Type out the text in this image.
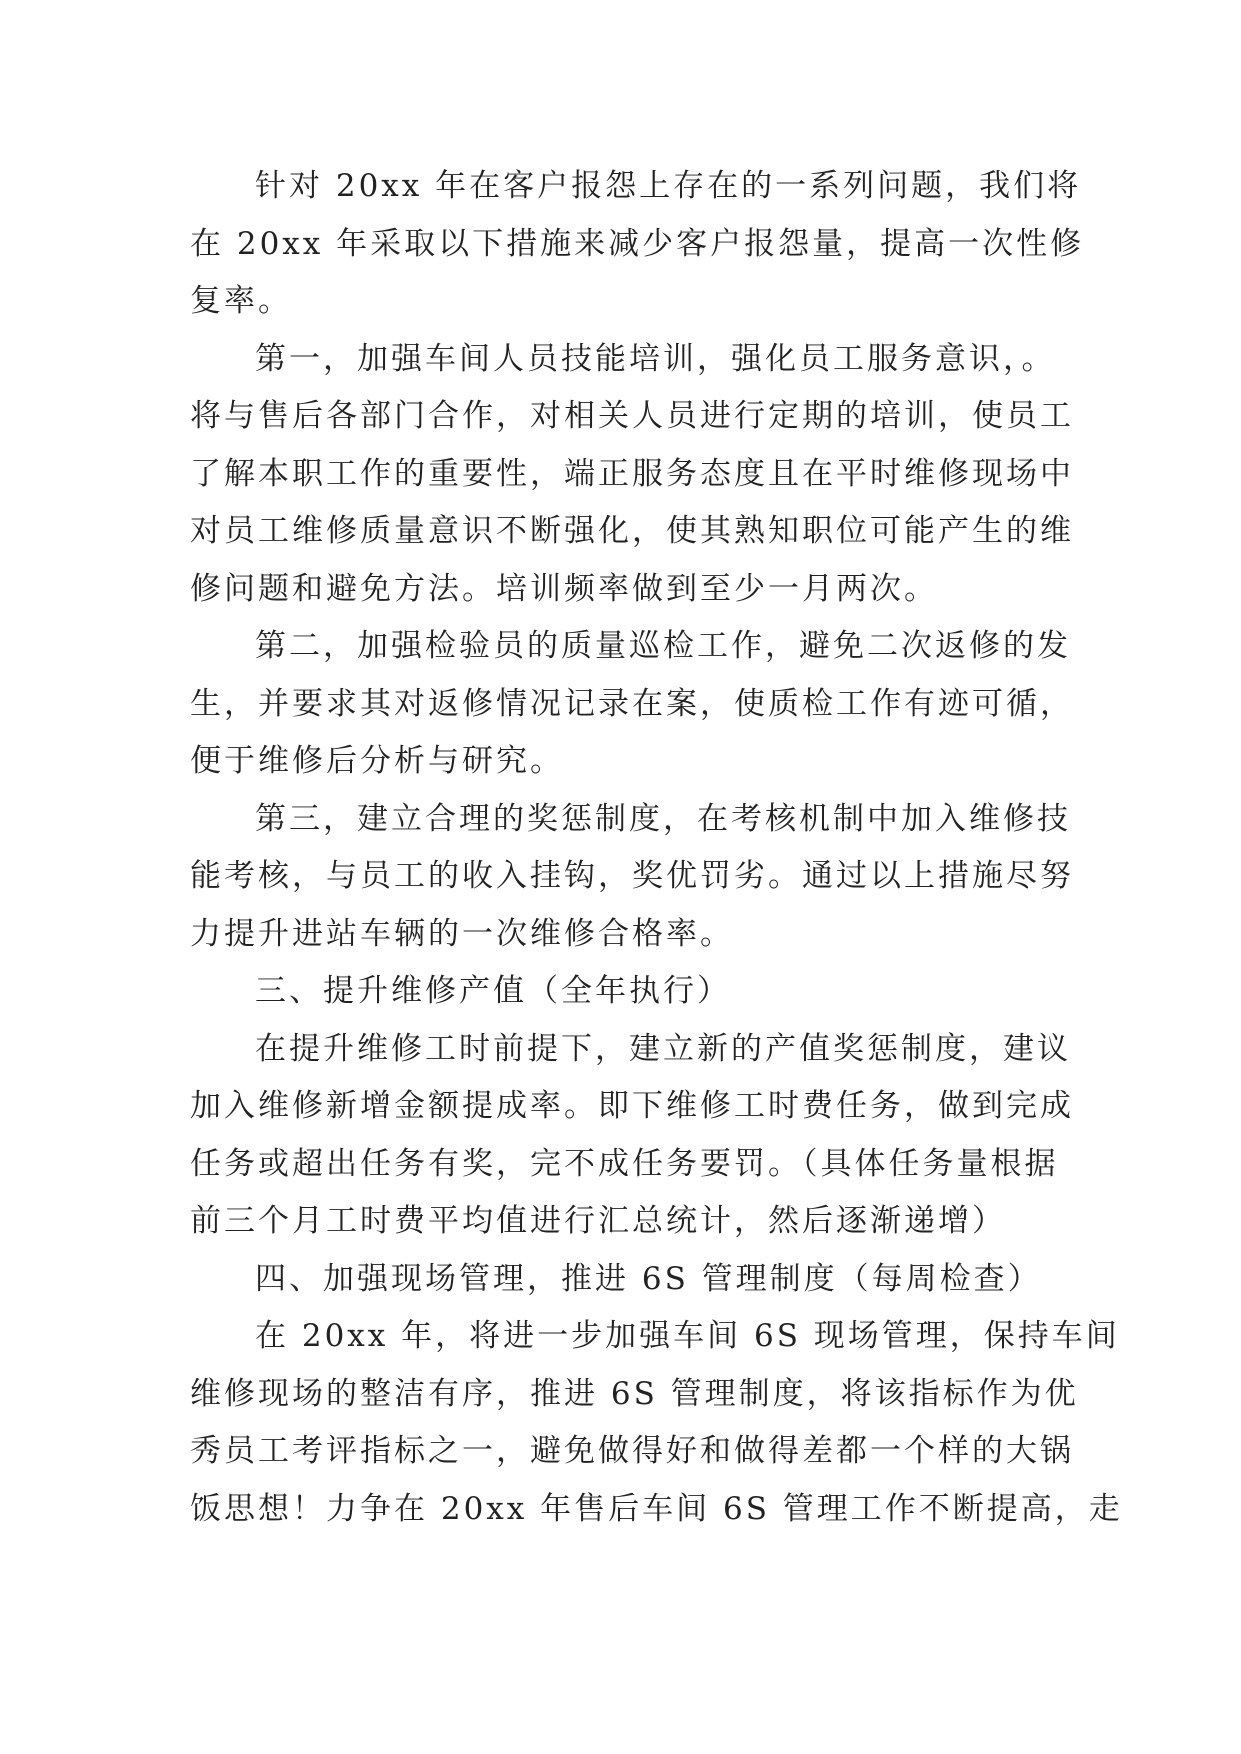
针对 20xx 年在客户报怨上存在的一系列问题，我们将
在 20xx 年采取以下措施来减少客户报怨量，提高一次性修
复率。
第一，加强车间人员技能培训，强化员工服务意识，。
将与售后各部门合作，对相关人员进行定期的培训，使员工
了解本职工作的重要性，端正服务态度且在平时维修现场中
对员工维修质量意识不断强化，使其熟知职位可能产生的维
修问题和避免方法。培训频率做到至少一月两次。
第二，加强检验员的质量巡检工作，避免二次返修的发
生，并要求其对返修情况记录在案，使质检工作有迹可循，
便于维修后分析与研究。
第三，建立合理的奖惩制度，在考核机制中加入维修技
能考核，与员工的收入挂钩，奖优罚劣。通过以上措施尽努
力提升进站车辆的一次维修合格率。
三、提升维修产值（全年执行）
在提升维修工时前提下，建立新的产值奖惩制度，建议
加入维修新增金额提成率。即下维修工时费任务，做到完成
任务或超出任务有奖，完不成任务要罚。（具体任务量根据
前三个月工时费平均值进行汇总统计，然后逐渐递增）
四、加强现场管理，推进 6S 管理制度（每周检查）
在 20xx 年，将进一步加强车间 6S 现场管理，保持车间
维修现场的整洁有序，推进 6S 管理制度，将该指标作为优
秀员工考评指标之一，避免做得好和做得差都一个样的大锅
饭思想！力争在 20xx 年售后车间 6S 管理工作不断提高，走
